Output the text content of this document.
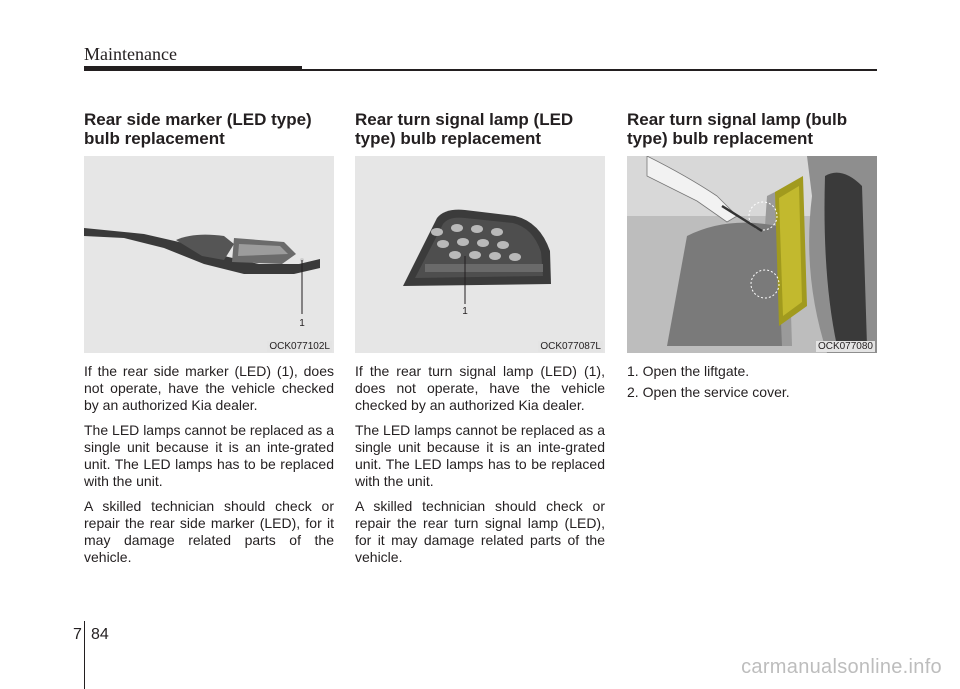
Maintenance
Rear side marker (LED type) bulb replacement
1
OCK077102L

If the rear side marker (LED) (1), does not operate, have the vehicle checked by an authorized Kia dealer.

The LED lamps cannot be replaced as a single unit because it is an inte-grated unit. The LED lamps has to be replaced with the unit.

A skilled technician should check or repair the rear side marker (LED), for it may damage related parts of the vehicle.

Rear turn signal lamp (LED type) bulb replacement
1
OCK077087L

If the rear turn signal lamp (LED) (1), does not operate, have the vehicle checked by an authorized Kia dealer.

The LED lamps cannot be replaced as a single unit because it is an inte-grated unit. The LED lamps has to be replaced with the unit.

A skilled technician should check or repair the rear turn signal lamp (LED), for it may damage related parts of the vehicle.

Rear turn signal lamp (bulb type) bulb replacement
OCK077080
1. Open the liftgate.
2. Open the service cover.
7 84
carmanualsonline.info
